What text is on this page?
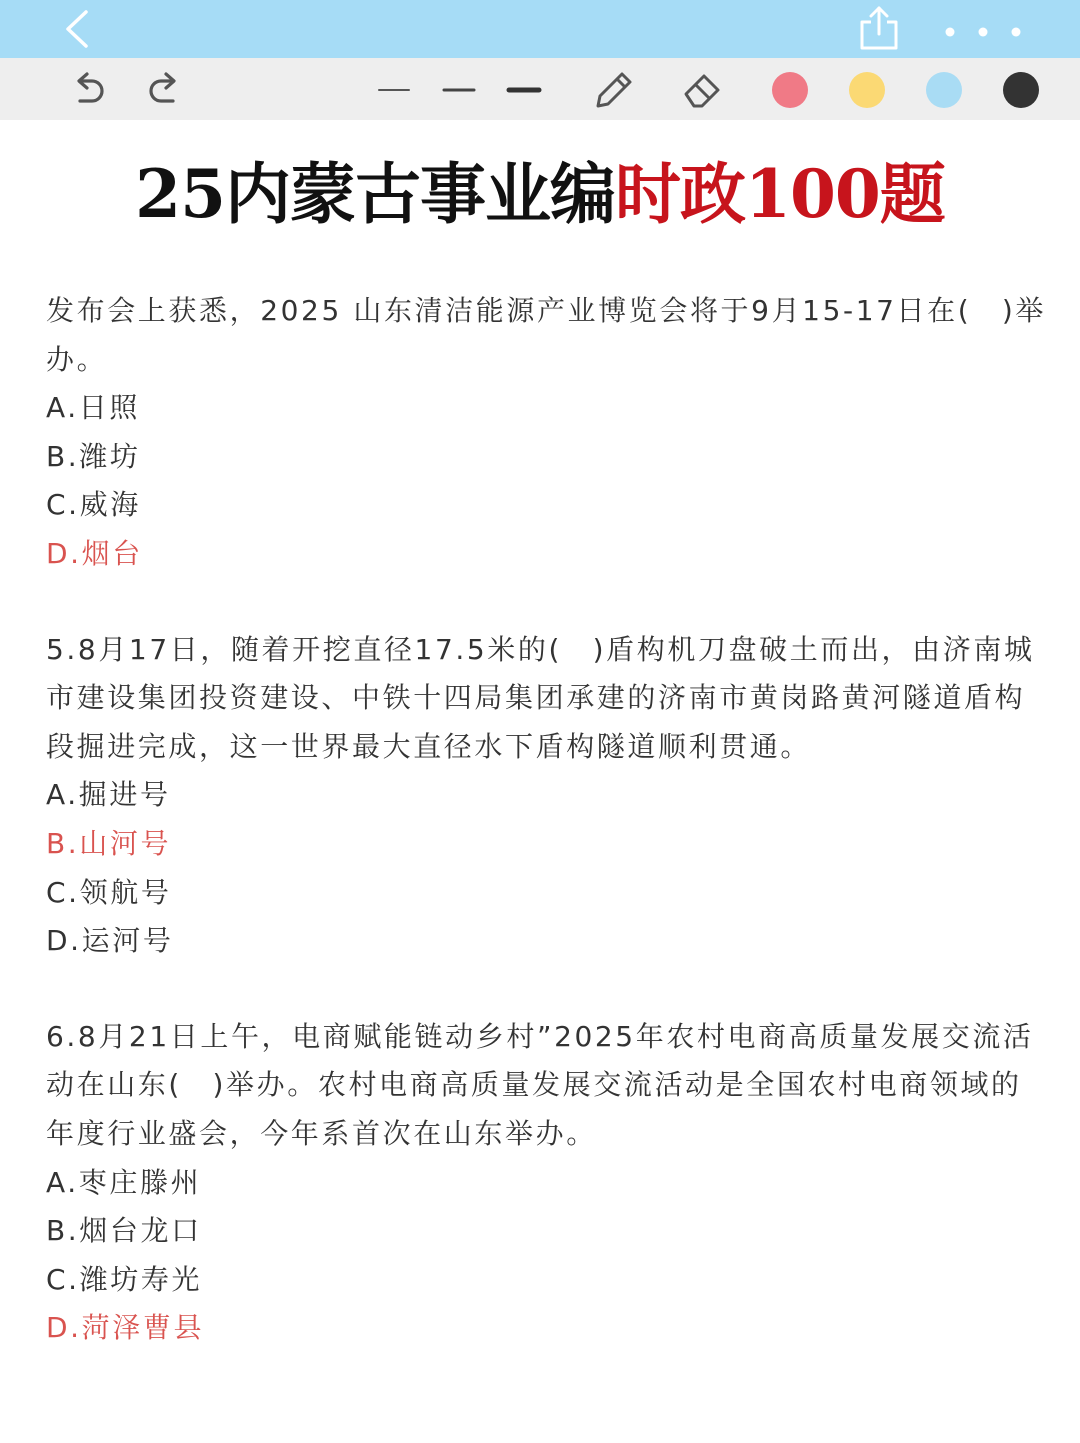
25内蒙古事业编时政100题

发布会上获悉，2025 山东清洁能源产业博览会将于9月15-17日在(　)举办。

A.日照

B.潍坊

C.威海

D.烟台

5.8月17日，随着开挖直径17.5米的(　)盾构机刀盘破土而出，由济南城市建设集团投资建设、中铁十四局集团承建的济南市黄岗路黄河隧道盾构段掘进完成，这一世界最大直径水下盾构隧道顺利贯通。

A.掘进号

B.山河号

C.领航号

D.运河号

6.8月21日上午，电商赋能链动乡村”2025年农村电商高质量发展交流活动在山东(　)举办。农村电商高质量发展交流活动是全国农村电商领域的年度行业盛会，今年系首次在山东举办。

A.枣庄滕州

B.烟台龙口

C.潍坊寿光

D.菏泽曹县
